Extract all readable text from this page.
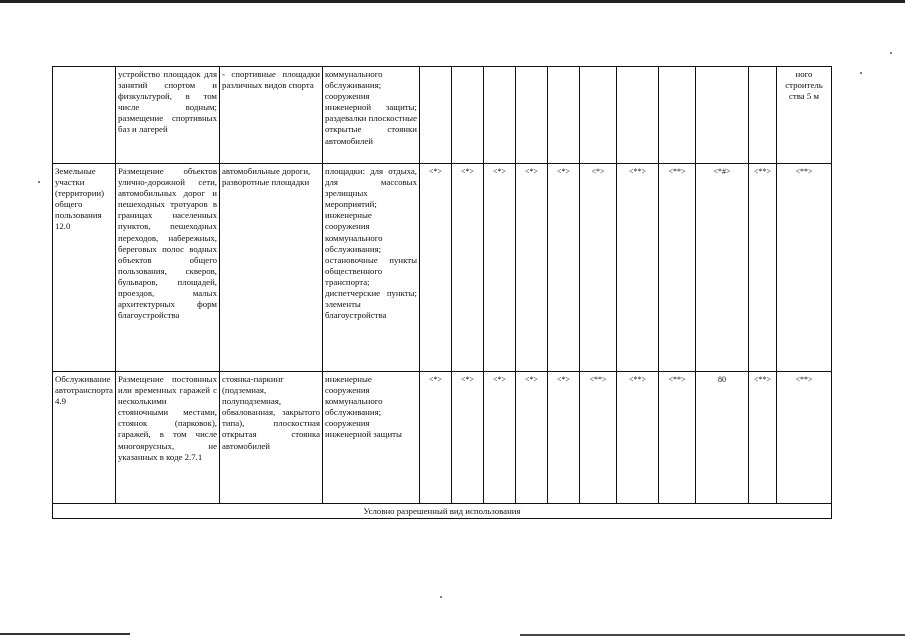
	устройство площадок для занятий спортом и физкультурой, в том числе водным; размещение спортивных баз и лагерей	- спортивные площадки различных видов спорта	коммунального обслуживания; сооружения инженерной защиты; раздевалки плоскостные открытые стоянки автомобилей											ного строитель ства 5 м
Земельные участки (территории) общего пользования 12.0	Размещение объектов улично-дорожной сети, автомобильных дорог и пешеходных тротуаров в границах населенных пунктов, пешеходных переходов, набережных, береговых полос водных объектов общего пользования, скверов, бульваров, площадей, проездов, малых архитектурных форм благоустройства	автомобильные дороги, разворотные площадки	площадки: для отдыха, для массовых зрелищных мероприятий; инженерные сооружения коммунального обслуживания; остановочные пункты общественного транспорта; диспетчерские пункты; элементы благоустройства	<*>	<*>	<*>	<*>	<*>	<*>	<**>	<**>	<*#>	<**>	<**>
Обслуживание автотранспорта 4.9	Размещение постоянных или временных гаражей с несколькими стояночными местами, стоянок (парковок), гаражей, в том числе многоярусных, не указанных в коде 2.7.1	стоянка-паркинг (подземная, полуподземная, обвалованная, закрытого типа), плоскостная открытая стоянка автомобилей	инженерные сооружения коммунального обслуживания; сооружения инженерной защиты	<*>	<*>	<*>	<*>	<*>	<**>	<**>	<**>	80	<**>	<**>
Условно разрешенный вид использования														
